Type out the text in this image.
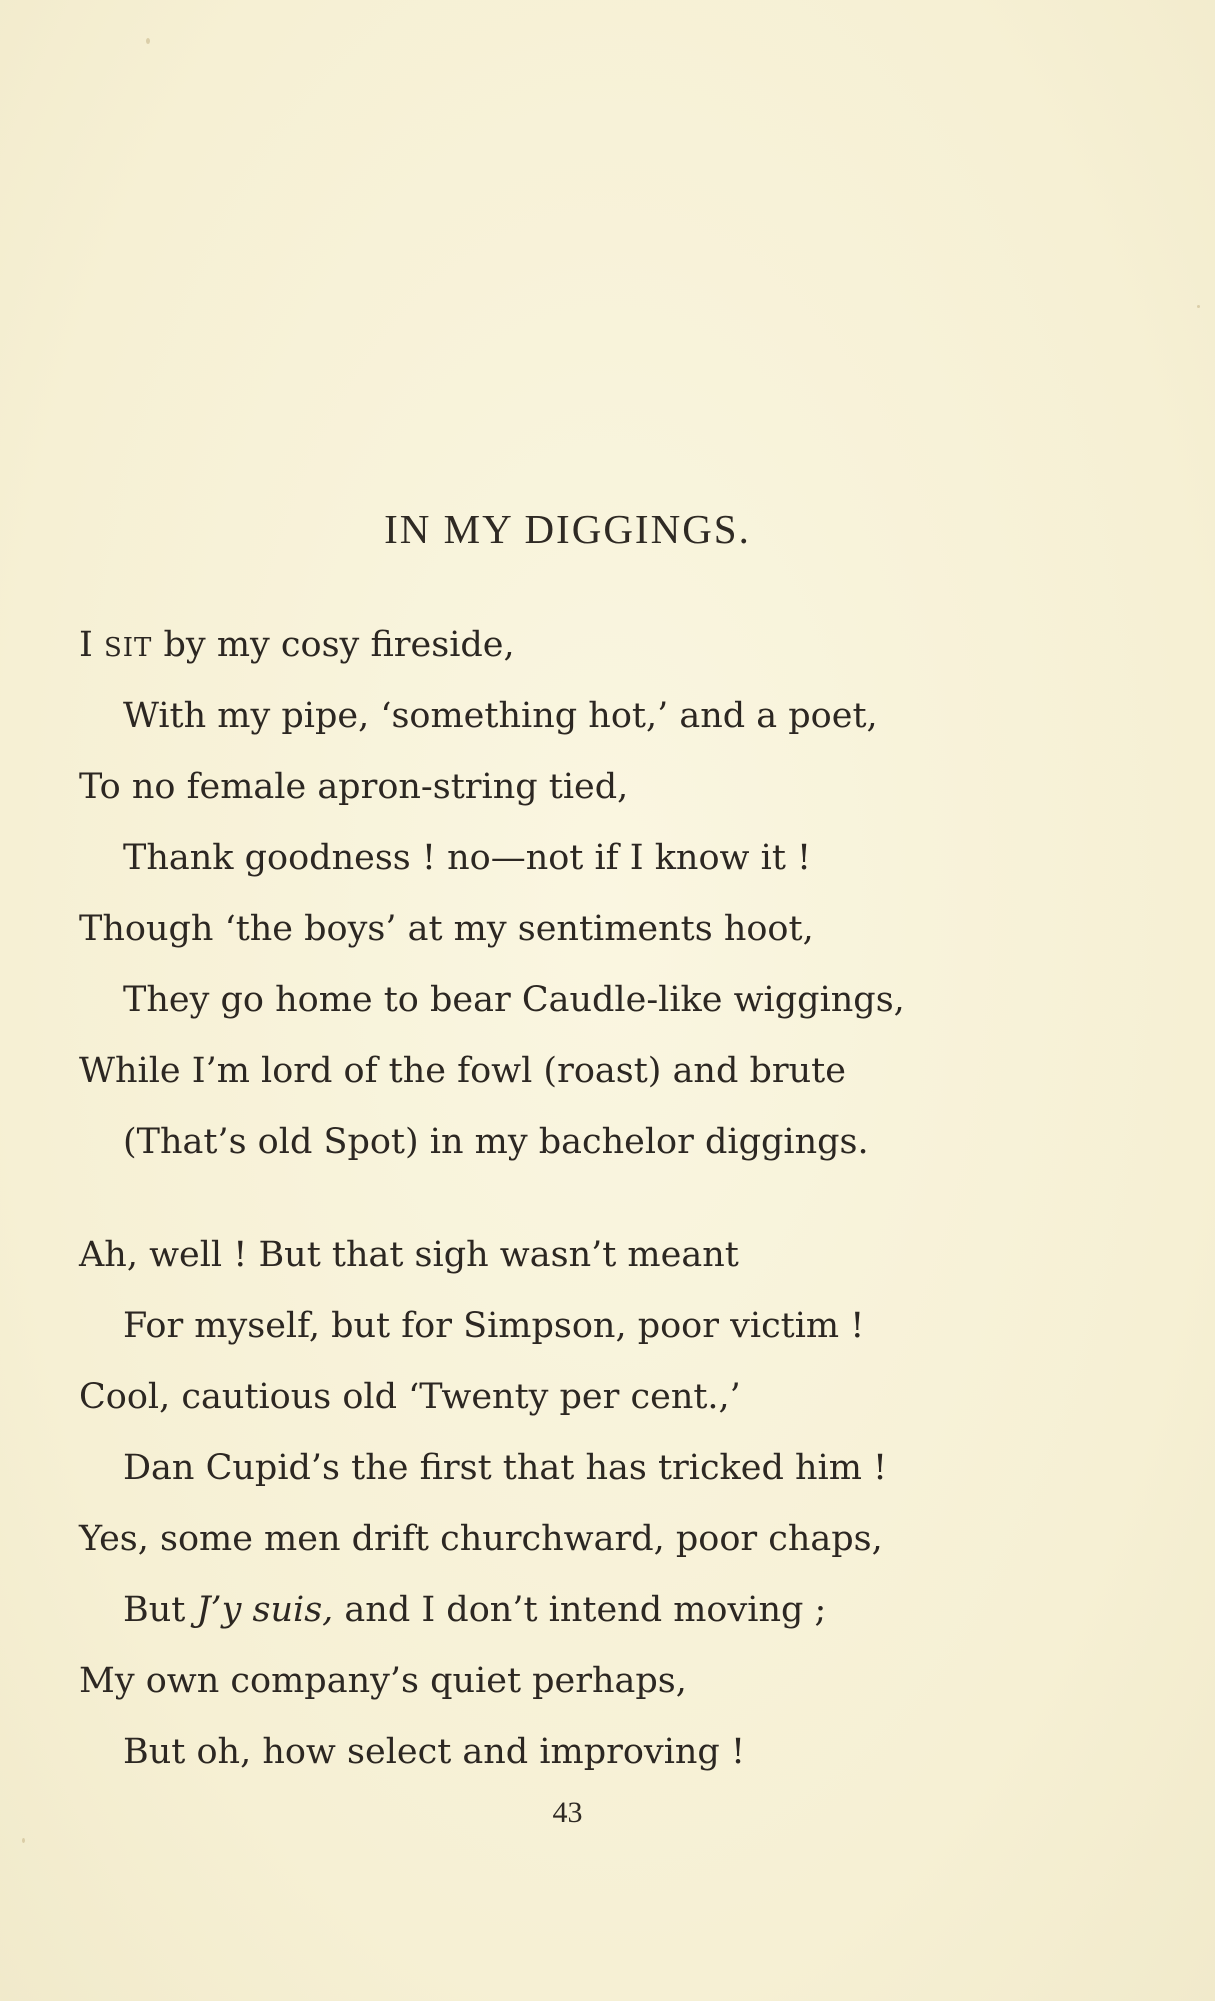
IN MY DIGGINGS.
I SIT by my cosy fireside,
With my pipe, ‘something hot,’ and a poet,
To no female apron-string tied,
Thank goodness ! no—not if I know it !
Though ‘the boys’ at my sentiments hoot,
They go home to bear Caudle-like wiggings,
While I’m lord of the fowl (roast) and brute
(That’s old Spot) in my bachelor diggings.
Ah, well ! But that sigh wasn’t meant
For myself, but for Simpson, poor victim !
Cool, cautious old ‘Twenty per cent.,’
Dan Cupid’s the first that has tricked him !
Yes, some men drift churchward, poor chaps,
But J’y suis, and I don’t intend moving ;
My own company’s quiet perhaps,
But oh, how select and improving !
43
